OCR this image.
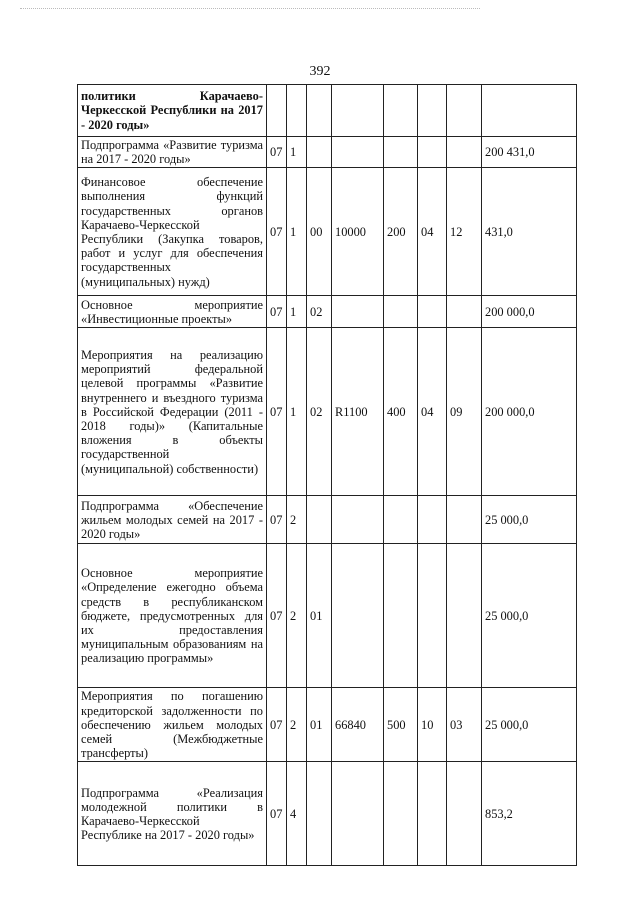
392
политики Карачаево-Черкесской Республики на 2017 - 2020 годы»								
Подпрограмма «Развитие туризма на 2017 - 2020 годы»	07	1						200 431,0
Финансовое обеспечение выполнения функций государственных органов Карачаево-Черкесской Республики (Закупка товаров, работ и услуг для обеспечения государственных (муниципальных) нужд)	07	1	00	10000	200	04	12	431,0
Основное мероприятие «Инвестиционные проекты»	07	1	02					200 000,0
Мероприятия на реализацию мероприятий федеральной целевой программы «Развитие внутреннего и въездного туризма в Российской Федерации (2011 - 2018 годы)» (Капитальные вложения в объекты государственной (муниципальной) собственности)	07	1	02	R1100	400	04	09	200 000,0
Подпрограмма «Обеспечение жильем молодых семей на 2017 - 2020 годы»	07	2						25 000,0
Основное мероприятие «Определение ежегодно объема средств в республиканском бюджете, предусмотренных для их предоставления муниципальным образованиям на реализацию программы»	07	2	01					25 000,0
Мероприятия по погашению кредиторской задолженности по обеспечению жильем молодых семей (Межбюджетные трансферты)	07	2	01	66840	500	10	03	25 000,0
Подпрограмма «Реализация молодежной политики в Карачаево-Черкесской Республике на 2017 - 2020 годы»	07	4						853,2
